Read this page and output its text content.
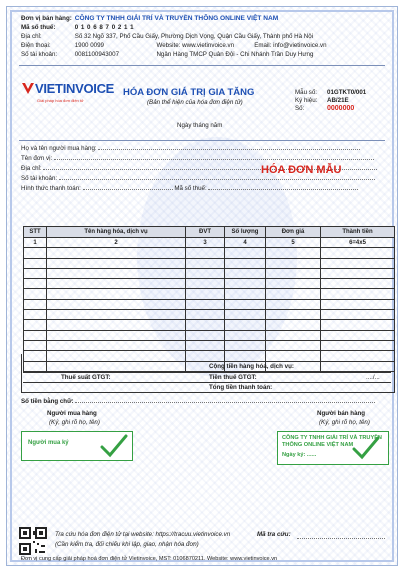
Đơn vị bán hàng: CÔNG TY TNHH GIẢI TRÍ VÀ TRUYỀN THÔNG ONLINE VIỆT NAM
Mã số thuế:	0 1 0 6 8 7 0 2 1 1
Địa chỉ:	Số 32 Ngõ 337, Phố Cầu Giấy, Phường Dịch Vọng, Quận Cầu Giấy, Thành phố Hà Nội
Điện thoại:	1900 0099	Website: www.vietinvoice.vn	Email: info@vietinvoice.vn
Số tài khoản:	0081100943007	Ngân Hàng TMCP Quân Đội - Chi Nhánh Trần Duy Hưng
VIETINVOICE
Giải pháp hóa đơn điện tử
HÓA ĐƠN GIÁ TRỊ GIA TĂNG
(Bản thể hiện của hóa đơn điện tử)
Ngày tháng năm
Mẫu số: 01GTKT0/001
Ký hiệu: AB/21E
Số:	0000000
Họ và tên người mua hàng:
Tên đơn vị:
Địa chỉ:
Số tài khoản:
Hình thức thanh toán:	Mã số thuế:
HÓA ĐƠN MẪU
STT	Tên hàng hóa, dịch vụ	ĐVT	Số lượng	Đơn giá	Thành tiền
1	2	3	4	5	6=4x5

Cộng tiền hàng hóa, dịch vụ:
Thuế suất GTGT:	Tiền thuế GTGT:	..../...
Tổng tiền thanh toán:
Số tiền bằng chữ:
Người mua hàng
(Ký, ghi rõ họ, tên)
Người mua ký
Người bán hàng
(Ký, ghi rõ họ, tên)
CÔNG TY TNHH GIẢI TRÍ VÀ TRUYỀN THÔNG ONLINE VIỆT NAM
Ngày ký: ......
Tra cứu hóa đơn điện tử tại website: https://tracuu.vietinvoice.vn	Mã tra cứu:
(Cần kiểm tra, đối chiếu khi lập, giao, nhận hóa đơn)
Đơn vị cung cấp giải pháp hoá đơn điện tử Vietinvoice, MST: 0106870211. Website: www.vietinvoice.vn
